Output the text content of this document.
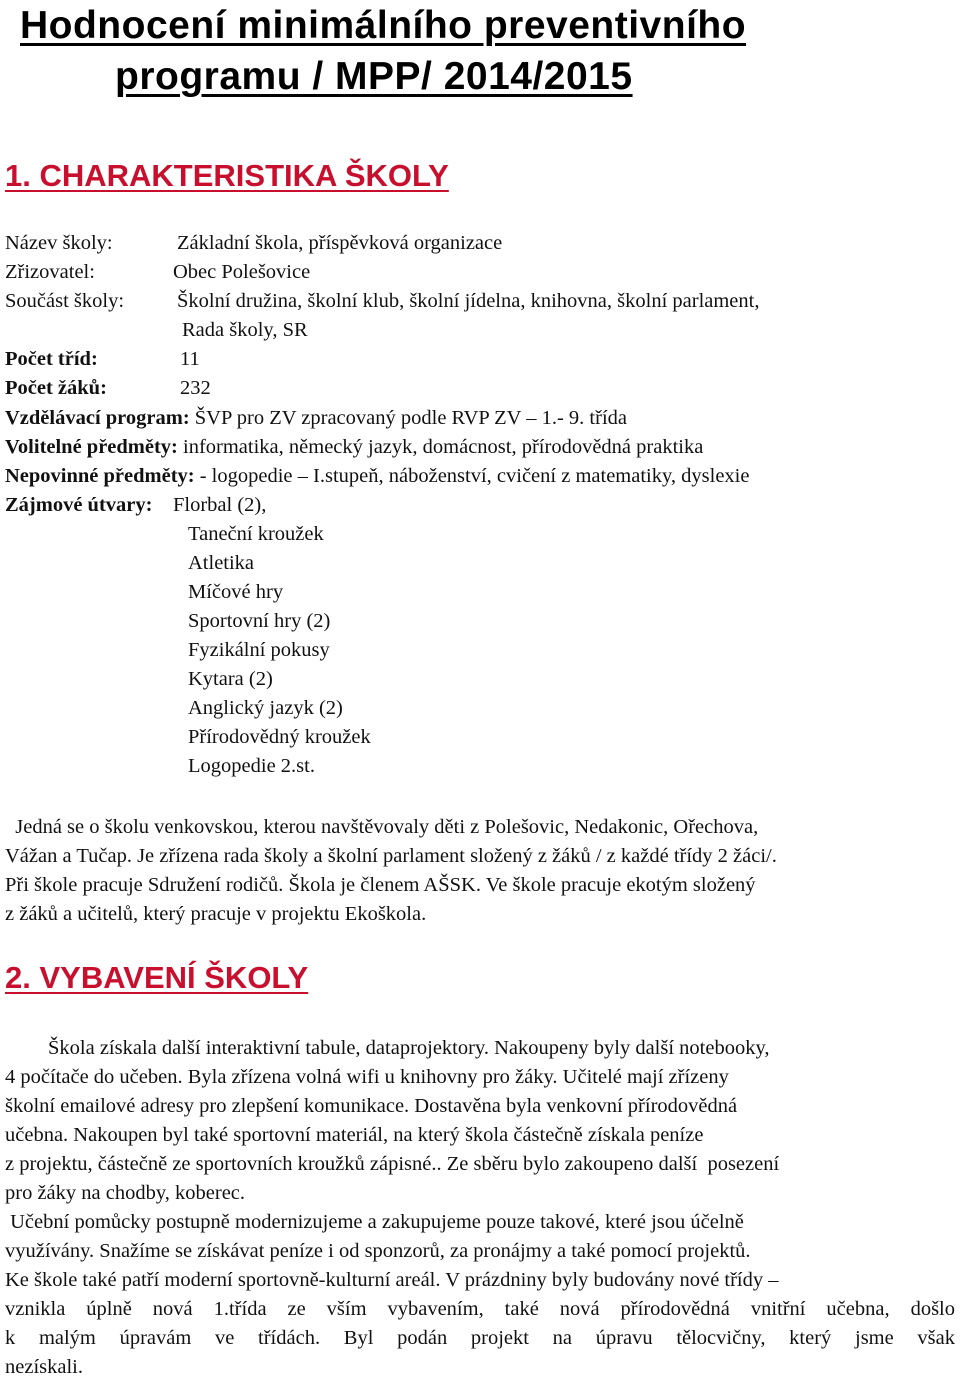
Hodnocení minimálního preventivního
programu / MPP/ 2014/2015
1. CHARAKTERISTIKA ŠKOLY
Název školy:	Základní škola, příspěvková organizace
Zřizovatel:	Obec Polešovice
Součást školy:	Školní družina, školní klub, školní jídelna, knihovna, školní parlament,
Rada školy, SR
Počet tříd:	11
Počet žáků:	232
Vzdělávací program: ŠVP pro ZV zpracovaný podle RVP ZV – 1.- 9. třída
Volitelné předměty: informatika, německý jazyk, domácnost, přírodovědná praktika
Nepovinné předměty: - logopedie – I.stupeň, náboženství, cvičení z matematiky, dyslexie
Zájmové útvary: Florbal (2),
Taneční kroužek
Atletika
Míčové hry
Sportovní hry (2)
Fyzikální pokusy
Kytara (2)
Anglický jazyk (2)
Přírodovědný kroužek
Logopedie 2.st.
Jedná se o školu venkovskou, kterou navštěvovaly děti z Polešovic, Nedakonic, Ořechova,
Vážan a Tučap. Je zřízena rada školy a školní parlament složený z žáků / z každé třídy 2 žáci/.
Při škole pracuje Sdružení rodičů. Škola je členem AŠSK. Ve škole pracuje ekotým složený
z žáků a učitelů, který pracuje v projektu Ekoškola.
2. VYBAVENÍ ŠKOLY
Škola získala další interaktivní tabule, dataprojektory. Nakoupeny byly další notebooky,
4 počítače do učeben. Byla zřízena volná wifi u knihovny pro žáky. Učitelé mají zřízeny
školní emailové adresy pro zlepšení komunikace. Dostavěna byla venkovní přírodovědná
učebna. Nakoupen byl také sportovní materiál, na který škola částečně získala peníze
z projektu, částečně ze sportovních kroužků zápisné.. Ze sběru bylo zakoupeno další  posezení
pro žáky na chodby, koberec.
Učební pomůcky postupně modernizujeme a zakupujeme pouze takové, které jsou účelně
využívány. Snažíme se získávat peníze i od sponzorů, za pronájmy a také pomocí projektů.
Ke škole také patří moderní sportovně-kulturní areál. V prázdniny byly budovány nové třídy –
vznikla úplně nová 1.třída ze vším vybavením, také nová přírodovědná vnitřní učebna, došlo
k malým úpravám ve třídách. Byl podán projekt na úpravu tělocvičny, který jsme však
nezískali.
